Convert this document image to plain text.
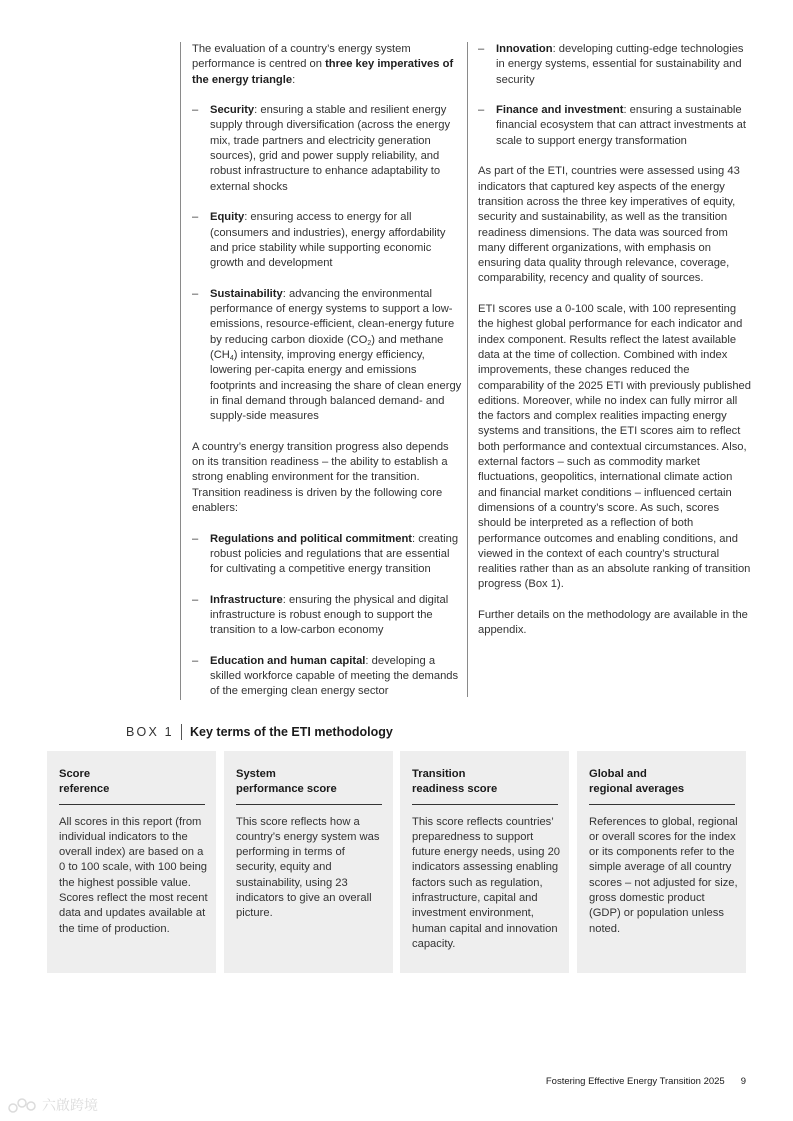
The evaluation of a country’s energy system performance is centred on three key imperatives of the energy triangle:
– Security: ensuring a stable and resilient energy supply through diversification (across the energy mix, trade partners and electricity generation sources), grid and power supply reliability, and robust infrastructure to enhance adaptability to external shocks
– Equity: ensuring access to energy for all (consumers and industries), energy affordability and price stability while supporting economic growth and development
– Sustainability: advancing the environmental performance of energy systems to support a low-emissions, resource-efficient, clean-energy future by reducing carbon dioxide $(CO_2)$ and methane $(CH_4)$ intensity, improving energy efficiency, lowering per-capita energy and emissions footprints and increasing the share of clean energy in final demand through balanced demand- and supply-side measures
A country’s energy transition progress also depends on its transition readiness – the ability to establish a strong enabling environment for the transition. Transition readiness is driven by the following core enablers:
– Regulations and political commitment: creating robust policies and regulations that are essential for cultivating a competitive energy transition
– Infrastructure: ensuring the physical and digital infrastructure is robust enough to support the transition to a low-carbon economy
– Education and human capital: developing a skilled workforce capable of meeting the demands of the emerging clean energy sector
– Innovation: developing cutting-edge technologies in energy systems, essential for sustainability and security
– Finance and investment: ensuring a sustainable financial ecosystem that can attract investments at scale to support energy transformation
As part of the ETI, countries were assessed using 43 indicators that captured key aspects of the energy transition across the three key imperatives of equity, security and sustainability, as well as the transition readiness dimensions. The data was sourced from many different organizations, with emphasis on ensuring data quality through relevance, coverage, comparability, recency and quality of sources.
ETI scores use a 0-100 scale, with 100 representing the highest global performance for each indicator and index component. Results reflect the latest available data at the time of collection. Combined with index improvements, these changes reduced the comparability of the 2025 ETI with previously published editions. Moreover, while no index can fully mirror all the factors and complex realities impacting energy systems and transitions, the ETI scores aim to reflect both performance and contextual circumstances. Also, external factors – such as commodity market fluctuations, geopolitics, international climate action and financial market conditions – influenced certain dimensions of a country’s score. As such, scores should be interpreted as a reflection of both performance outcomes and enabling conditions, and viewed in the context of each country’s structural realities rather than as an absolute ranking of transition progress (Box 1).
Further details on the methodology are available in the appendix.
BOX 1	Key terms of the ETI methodology
Score
reference
All scores in this report (from individual indicators to the overall index) are based on a 0 to 100 scale, with 100 being the highest possible value. Scores reflect the most recent data and updates available at the time of production.
System
performance score
This score reflects how a country’s energy system was performing in terms of security, equity and sustainability, using 23 indicators to give an overall picture.
Transition
readiness score
This score reflects countries’ preparedness to support future energy needs, using 20 indicators assessing enabling factors such as regulation, infrastructure, capital and investment environment, human capital and innovation capacity.
Global and
regional averages
References to global, regional or overall scores for the index or its components refer to the simple average of all country scores – not adjusted for size, gross domestic product (GDP) or population unless noted.
Fostering Effective Energy Transition 2025 9
六啟跨境
